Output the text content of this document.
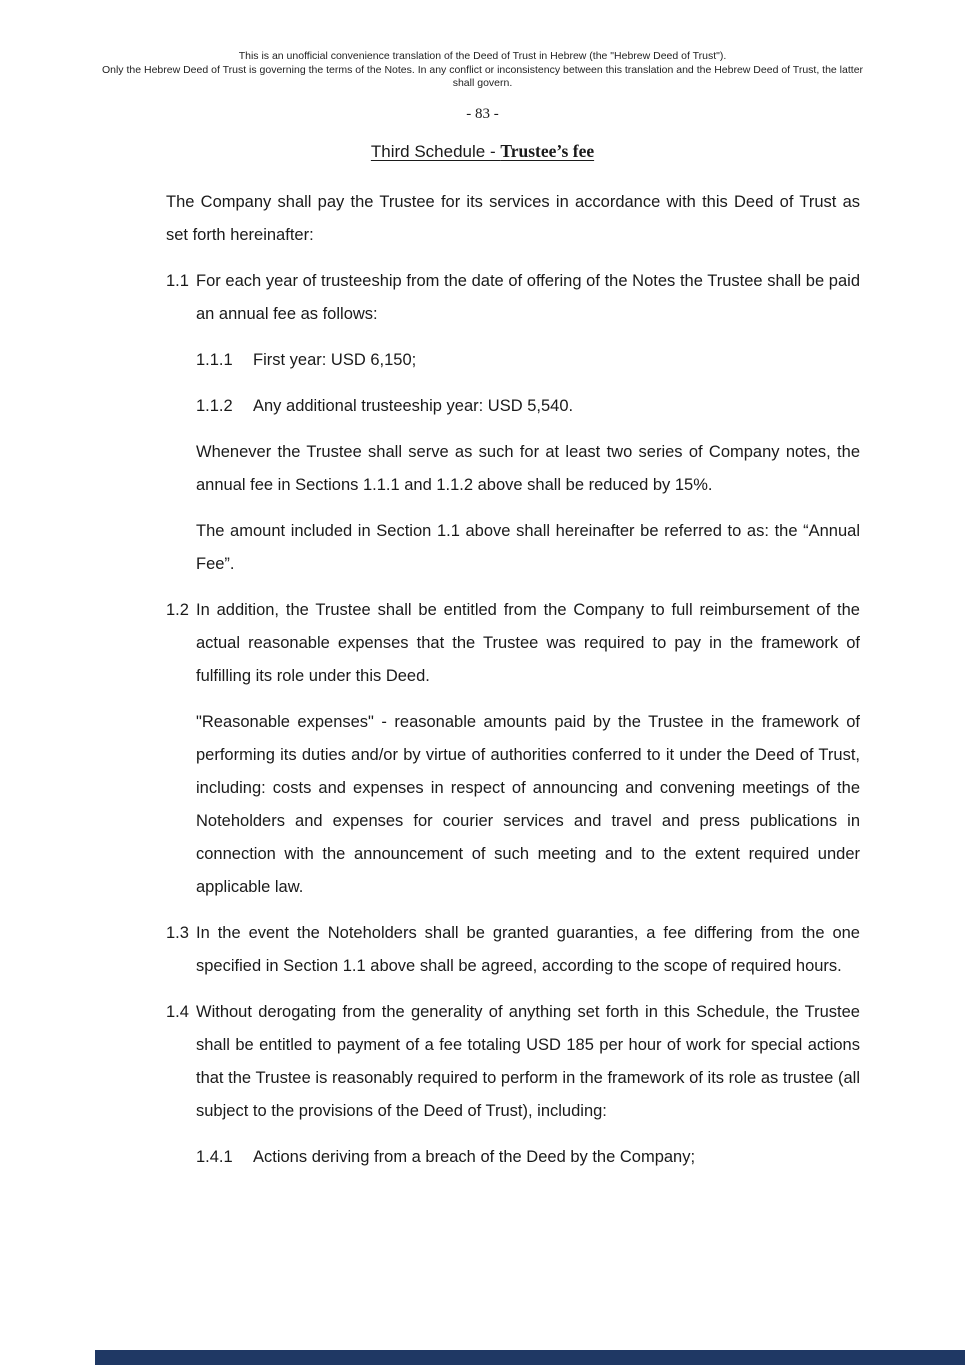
This is an unofficial convenience translation of the Deed of Trust in Hebrew (the "Hebrew Deed of Trust").
Only the Hebrew Deed of Trust is governing the terms of the Notes. In any conflict or inconsistency between this translation and the Hebrew Deed of Trust, the latter shall govern.
- 83 -
Third Schedule - Trustee’s fee

The Company shall pay the Trustee for its services in accordance with this Deed of Trust as set forth hereinafter:

1.1 For each year of trusteeship from the date of offering of the Notes the Trustee shall be paid an annual fee as follows:

1.1.1	First year: USD 6,150;

1.1.2	Any additional trusteeship year: USD 5,540.

Whenever the Trustee shall serve as such for at least two series of Company notes, the annual fee in Sections 1.1.1 and 1.1.2 above shall be reduced by 15%.

The amount included in Section 1.1 above shall hereinafter be referred to as: the “Annual Fee”.

1.2 In addition, the Trustee shall be entitled from the Company to full reimbursement of the actual reasonable expenses that the Trustee was required to pay in the framework of fulfilling its role under this Deed.

"Reasonable expenses" - reasonable amounts paid by the Trustee in the framework of performing its duties and/or by virtue of authorities conferred to it under the Deed of Trust, including: costs and expenses in respect of announcing and convening meetings of the Noteholders and expenses for courier services and travel and press publications in connection with the announcement of such meeting and to the extent required under applicable law.

1.3 In the event the Noteholders shall be granted guaranties, a fee differing from the one specified in Section 1.1 above shall be agreed, according to the scope of required hours.

1.4 Without derogating from the generality of anything set forth in this Schedule, the Trustee shall be entitled to payment of a fee totaling USD 185 per hour of work for special actions that the Trustee is reasonably required to perform in the framework of its role as trustee (all subject to the provisions of the Deed of Trust), including:

1.4.1	Actions deriving from a breach of the Deed by the Company;
